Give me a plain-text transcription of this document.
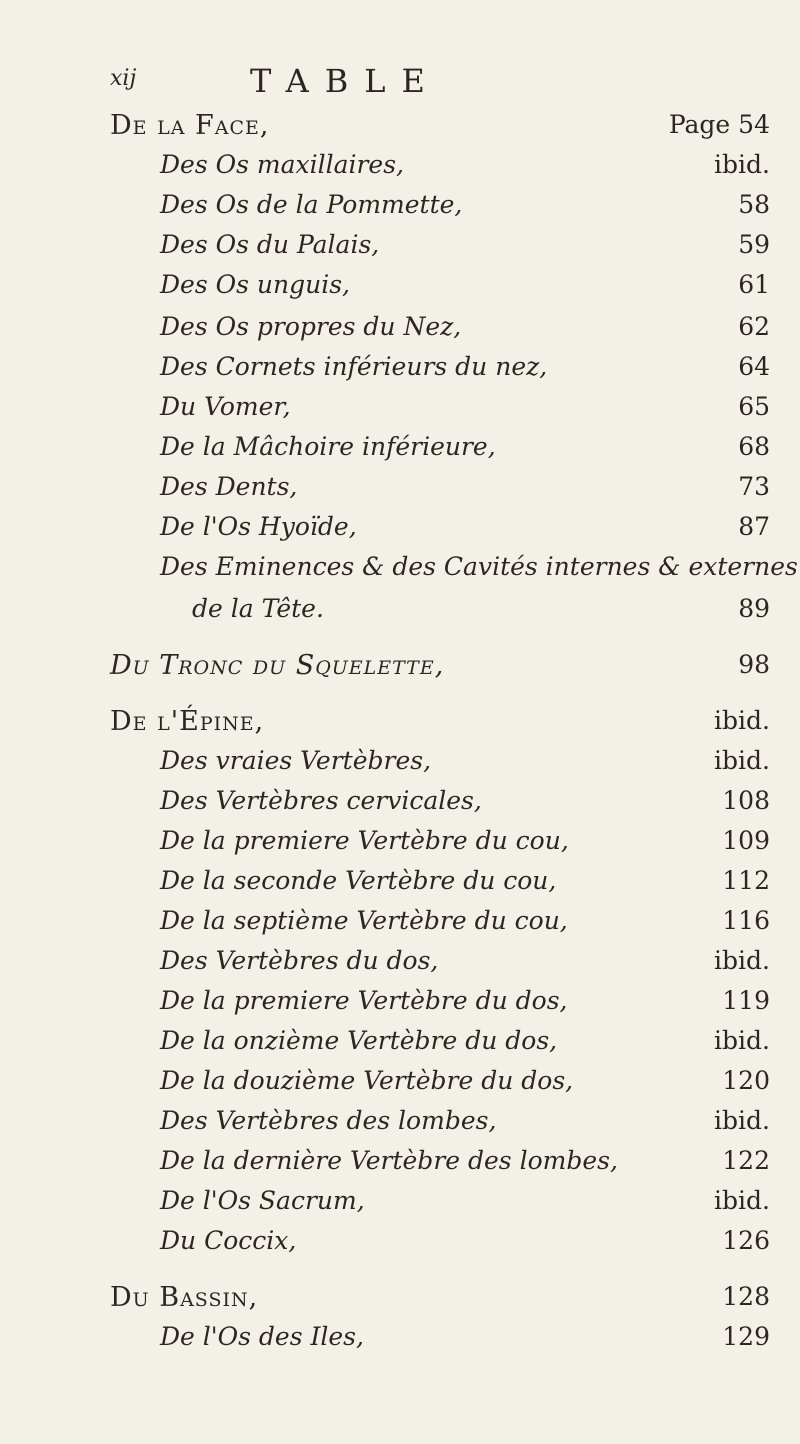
xij	TABLE
De la Face,	Page 54
Des Os maxillaires,	ibid.
Des Os de la Pommette,	58
Des Os du Palais,	59
Des Os unguis,	61
Des Os propres du Nez,	62
Des Cornets inférieurs du nez,	64
Du Vomer,	65
De la Mâchoire inférieure,	68
Des Dents,	73
De l'Os Hyoïde,	87
Des Eminences & des Cavités internes & externes
de la Tête.	89
Du Tronc du Squelette,	98
De l'Épine,	ibid.
Des vraies Vertèbres,	ibid.
Des Vertèbres cervicales,	108
De la premiere Vertèbre du cou,	109
De la seconde Vertèbre du cou,	112
De la septième Vertèbre du cou,	116
Des Vertèbres du dos,	ibid.
De la premiere Vertèbre du dos,	119
De la onzième Vertèbre du dos,	ibid.
De la douzième Vertèbre du dos,	120
Des Vertèbres des lombes,	ibid.
De la dernière Vertèbre des lombes,	122
De l'Os Sacrum,	ibid.
Du Coccix,	126
Du Bassin,	128
De l'Os des Iles,	129
